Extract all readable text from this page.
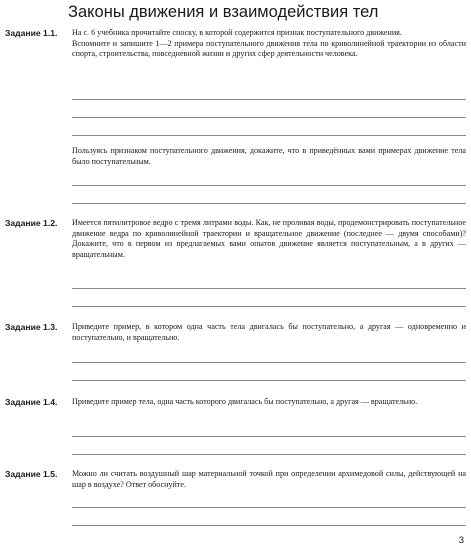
Законы движения и взаимодействия тел
Задание 1.1. На с. 6 учебника прочитайте сноску, в которой содержится признак поступательного движения.

Вспомните и запишите 1—2 примера поступательного движения тела по криволинейной траектории из области спорта, строительства, повседневной жизни и других сфер деятельности человека.

Пользуясь признаком поступательного движения, докажите, что в приведённых вами примерах движение тела было поступательным.

Задание 1.2. Имеется пятилитровое ведро с тремя литрами воды. Как, не проливая воды, продемонстрировать поступательное движение ведра по криволинейной траектории и вращательное движение (последнее — двумя способами)? Докажите, что в первом из предлагаемых вами опытов движение является поступательным, а в других — вращательным.

Задание 1.3. Приведите пример, в котором одна часть тела двигалась бы поступательно, а другая — одновременно и поступательно, и вращательно.

Задание 1.4. Приведите пример тела, одна часть которого двигалась бы поступательно, а другая — вращательно.

Задание 1.5. Можно ли считать воздушный шар материальной точкой при определении архимедовой силы, действующей на шар в воздухе? Ответ обоснуйте.

3
